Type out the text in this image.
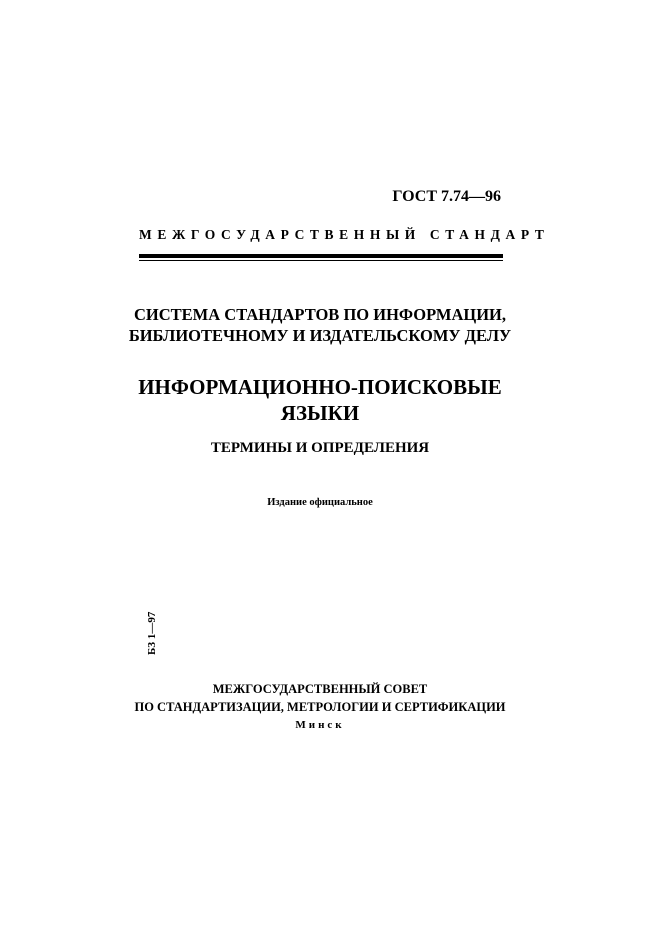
ГОСТ 7.74—96
МЕЖГОСУДАРСТВЕННЫЙ СТАНДАРТ
СИСТЕМА СТАНДАРТОВ ПО ИНФОРМАЦИИ,
БИБЛИОТЕЧНОМУ И ИЗДАТЕЛЬСКОМУ ДЕЛУ
ИНФОРМАЦИОННО-ПОИСКОВЫЕ
ЯЗЫКИ
ТЕРМИНЫ И ОПРЕДЕЛЕНИЯ
Издание официальное
БЗ 1—97
МЕЖГОСУДАРСТВЕННЫЙ СОВЕТ
ПО СТАНДАРТИЗАЦИИ, МЕТРОЛОГИИ И СЕРТИФИКАЦИИ
Минск
